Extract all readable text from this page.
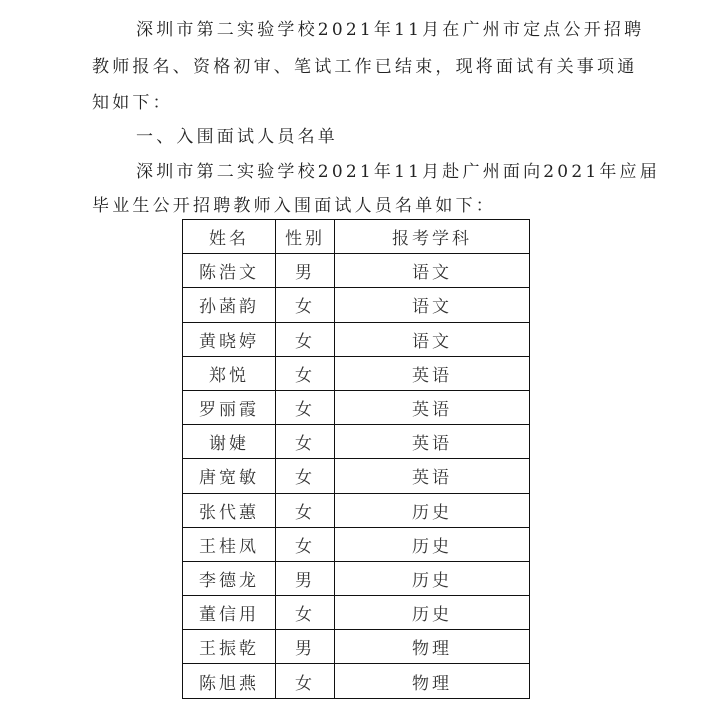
深圳市第二实验学校2021年11月在广州市定点公开招聘
教师报名、资格初审、笔试工作已结束，现将面试有关事项通
知如下：
一、入围面试人员名单
深圳市第二实验学校2021年11月赴广州面向2021年应届
毕业生公开招聘教师入围面试人员名单如下：
姓名	性别	报考学科
陈浩文	男	语文
孙菡韵	女	语文
黄晓婷	女	语文
郑悦	女	英语
罗丽霞	女	英语
谢婕	女	英语
唐宽敏	女	英语
张代蕙	女	历史
王桂凤	女	历史
李德龙	男	历史
董信用	女	历史
王振乾	男	物理
陈旭燕	女	物理
